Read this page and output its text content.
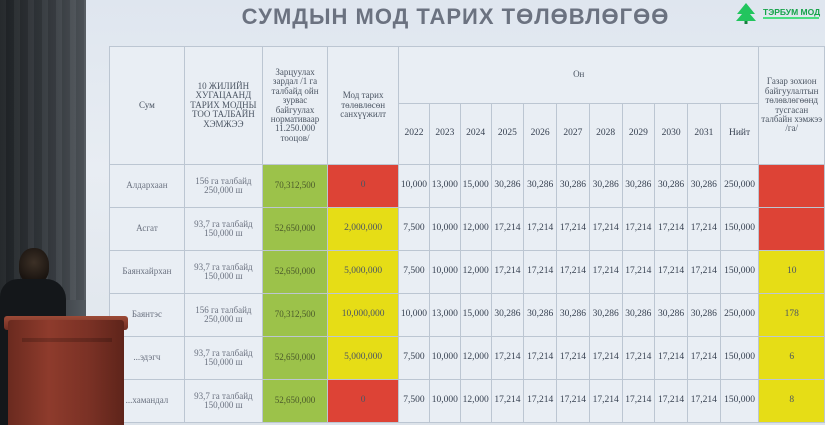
СУМДЫН МОД ТАРИХ ТӨЛӨВЛӨГӨӨ	ТЭРБУМ МОД
Сум	10 ЖИЛИЙН ХУГАЦААНД ТАРИХ МОДНЫ ТОО ТАЛБАЙН ХЭМЖЭЭ	Зарцуулах зардал /1 га талбайд ойн зурвас байгуулах нормативаар 11.250.000 тооцов/	Мод тарих төлөвлөсөн санхүүжилт	Он											Газар зохион байгуулалтын төлөвлөгөөнд тусгасан талбайн хэмжээ /га/
				2022	2023	2024	2025	2026	2027	2028	2029	2030	2031	Нийт	
Алдархаан	156 га талбайд 250,000 ш	70,312,500	0	10,000	13,000	15,000	30,286	30,286	30,286	30,286	30,286	30,286	30,286	250,000	
Асгат	93,7 га талбайд 150,000 ш	52,650,000	2,000,000	7,500	10,000	12,000	17,214	17,214	17,214	17,214	17,214	17,214	17,214	150,000	
Баянхайрхан	93,7 га талбайд 150,000 ш	52,650,000	5,000,000	7,500	10,000	12,000	17,214	17,214	17,214	17,214	17,214	17,214	17,214	150,000	10
Баянтэс	156 га талбайд 250,000 ш	70,312,500	10,000,000	10,000	13,000	15,000	30,286	30,286	30,286	30,286	30,286	30,286	30,286	250,000	178
...эдэгч	93,7 га талбайд 150,000 ш	52,650,000	5,000,000	7,500	10,000	12,000	17,214	17,214	17,214	17,214	17,214	17,214	17,214	150,000	6
...хамандал	93,7 га талбайд 150,000 ш	52,650,000	0	7,500	10,000	12,000	17,214	17,214	17,214	17,214	17,214	17,214	17,214	150,000	8
